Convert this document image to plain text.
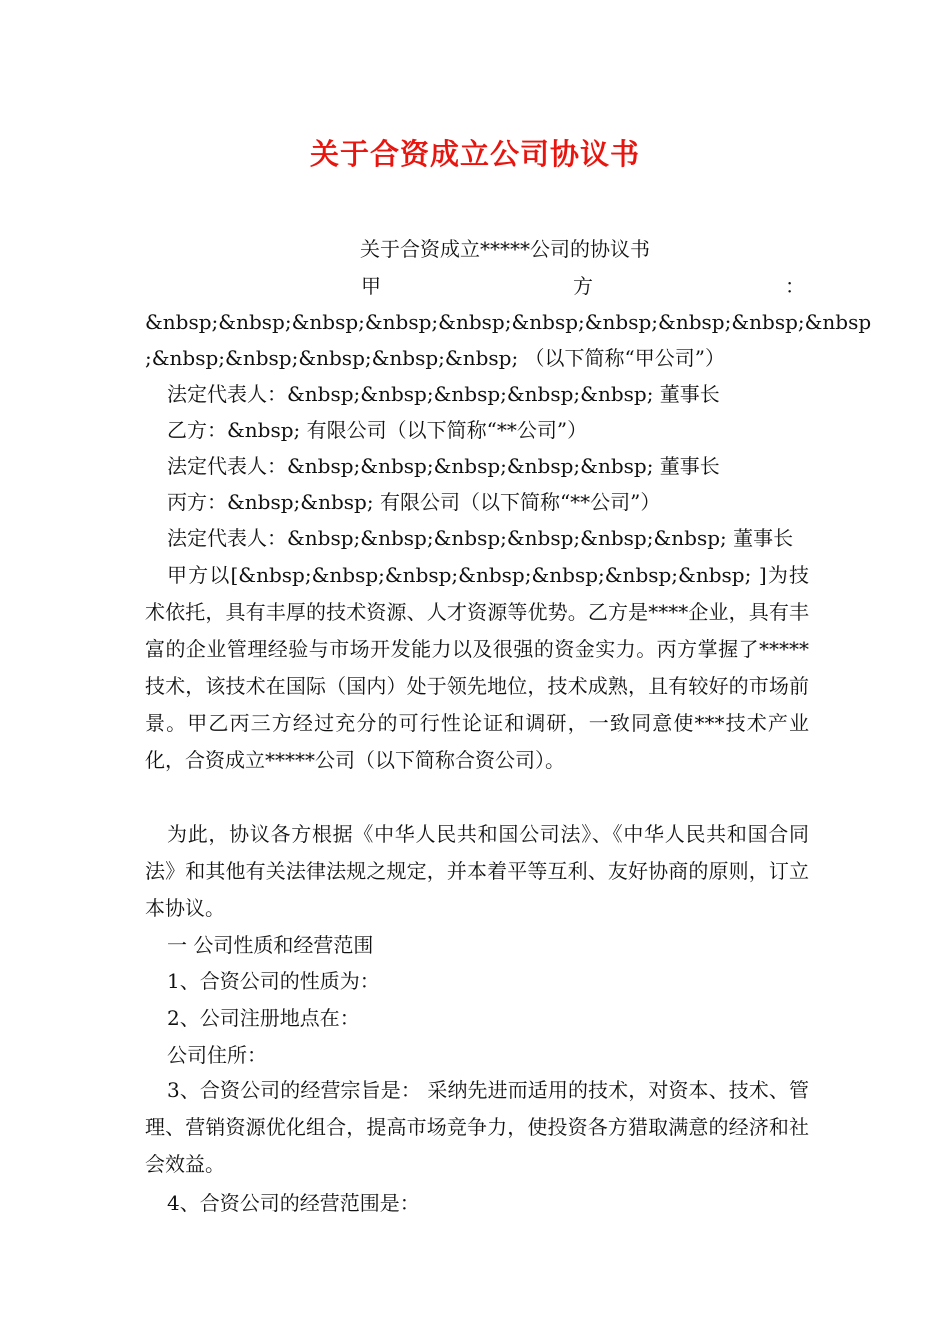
关于合资成立公司协议书
关于合资成立*****公司的协议书
甲	方	：
&nbsp;&nbsp;&nbsp;&nbsp;&nbsp;&nbsp;&nbsp;&nbsp;&nbsp;&nbsp
;&nbsp;&nbsp;&nbsp;&nbsp;&nbsp; （以下简称“甲公司”）
法定代表人：&nbsp;&nbsp;&nbsp;&nbsp;&nbsp; 董事长
乙方：&nbsp; 有限公司（以下简称“**公司”）
法定代表人：&nbsp;&nbsp;&nbsp;&nbsp;&nbsp; 董事长
丙方：&nbsp;&nbsp; 有限公司（以下简称“**公司”）
法定代表人：&nbsp;&nbsp;&nbsp;&nbsp;&nbsp;&nbsp; 董事长
甲方以[&nbsp;&nbsp;&nbsp;&nbsp;&nbsp;&nbsp;&nbsp; ]为技术依托，具有丰厚的技术资源、人才资源等优势。乙方是****企业，具有丰富的企业管理经验与市场开发能力以及很强的资金实力。丙方掌握了*****技术，该技术在国际（国内）处于领先地位，技术成熟，且有较好的市场前景。甲乙丙三方经过充分的可行性论证和调研，一致同意使***技术产业化，合资成立*****公司（以下简称合资公司）。
为此，协议各方根据《中华人民共和国公司法》、《中华人民共和国合同法》和其他有关法律法规之规定，并本着平等互利、友好协商的原则，订立本协议。
一 公司性质和经营范围
1、合资公司的性质为：
2、公司注册地点在：
公司住所：
3、合资公司的经营宗旨是： 采纳先进而适用的技术，对资本、技术、管理、营销资源优化组合，提高市场竞争力，使投资各方猎取满意的经济和社会效益。
4、合资公司的经营范围是：
